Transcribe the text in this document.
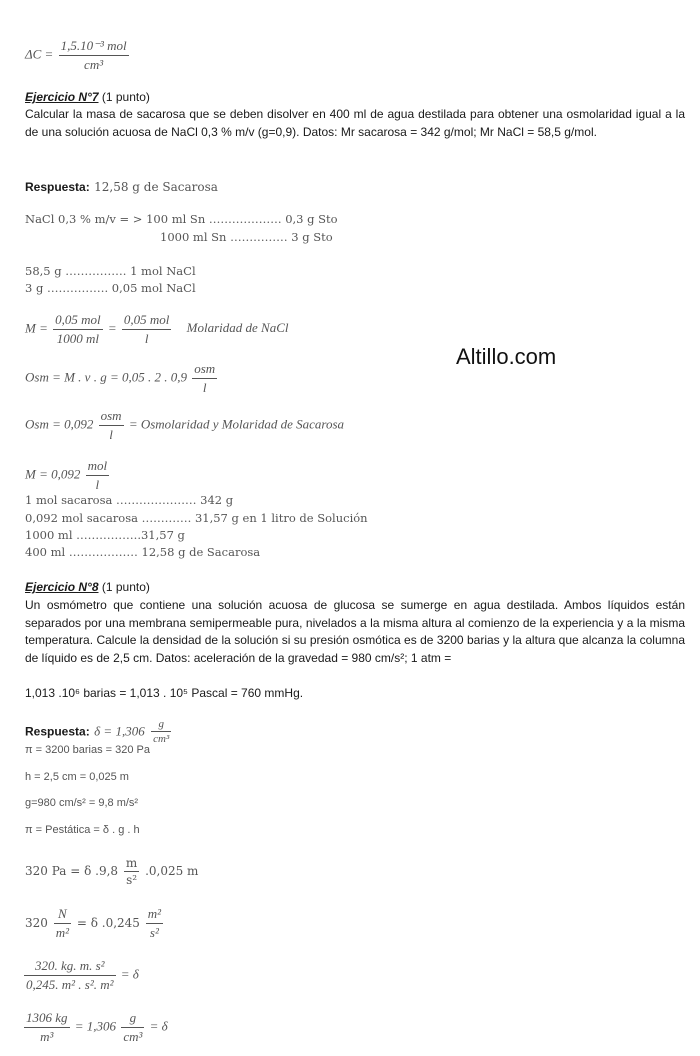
$\Delta C = \frac{\text{1,5.10⁻³ mol}}{\text{cm³}}$
Ejercicio N°7 (1 punto)
Calcular la masa de sacarosa que se deben disolver en 400 ml de agua destilada para obtener una osmolaridad igual a la de una solución acuosa de NaCl 0,3 % m/v (g=0,9). Datos: Mr sacarosa = 342 g/mol; Mr NaCl = 58,5 g/mol.
Respuesta: 12,58 g de Sacarosa
NaCl 0,3 % m/v = > 100 ml Sn ………………. 0,3 g Sto
1000 ml Sn …………… 3 g Sto
58,5 g ……………. 1 mol NaCl
3 g ……………. 0,05 mol NaCl
$M = \frac{\text{0,05 mol}}{1000 ml} = \frac{\text{0,05 mol}}{l}$ Molaridad de NaCl
Altillo.com
Osm = M . v . g = 0,05 . 2 . $0,9 \frac{\text{osm}}{l}$
Osm = $0,092 \frac{\text{osm}}{l}$ = Osmolaridad y Molaridad de Sacarosa
$M = 0,092 \frac{\text{mol}}{l}$
1 mol sacarosa ………………… 342 g
0,092 mol sacarosa …………. 31,57 g en 1 litro de Solución
1000 ml ……………..31,57 g
400 ml ……………… 12,58 g de Sacarosa
Ejercicio N°8 (1 punto)
Un osmómetro que contiene una solución acuosa de glucosa se sumerge en agua destilada. Ambos líquidos están separados por una membrana semipermeable pura, nivelados a la misma altura al comienzo de la experiencia y a la misma temperatura. Calcule la densidad de la solución si su presión osmótica es de 3200 barias y la altura que alcanza la columna de líquido es de 2,5 cm. Datos: aceleración de la gravedad = 980 cm/s²; 1 atm =
1,013 .10⁶ barias = 1,013 . 10⁵ Pascal = 760 mmHg.
Respuesta: $\delta = 1,306 \frac{g}{\text{cm³}}$
π = 3200 barias = 320 Pa
h = 2,5 cm = 0,025 m
g=980 cm/s² = 9,8 m/s²
π = Pestática = δ . g . h
320 Pa = δ $.9,8 \frac{m}{\text{s²}} .0,025$ m
$320 \frac{N}{\text{m²}} = \delta$ $.0,245 \frac{\text{m²}}{\text{s²}}$
$\frac{\text{320. kg. m. s²}}{\text{0,245. m² . s². m²}} = \delta$
$\frac{1306 kg}{\text{m³}} = 1,306 \frac{g}{\text{cm³}} = \delta$
